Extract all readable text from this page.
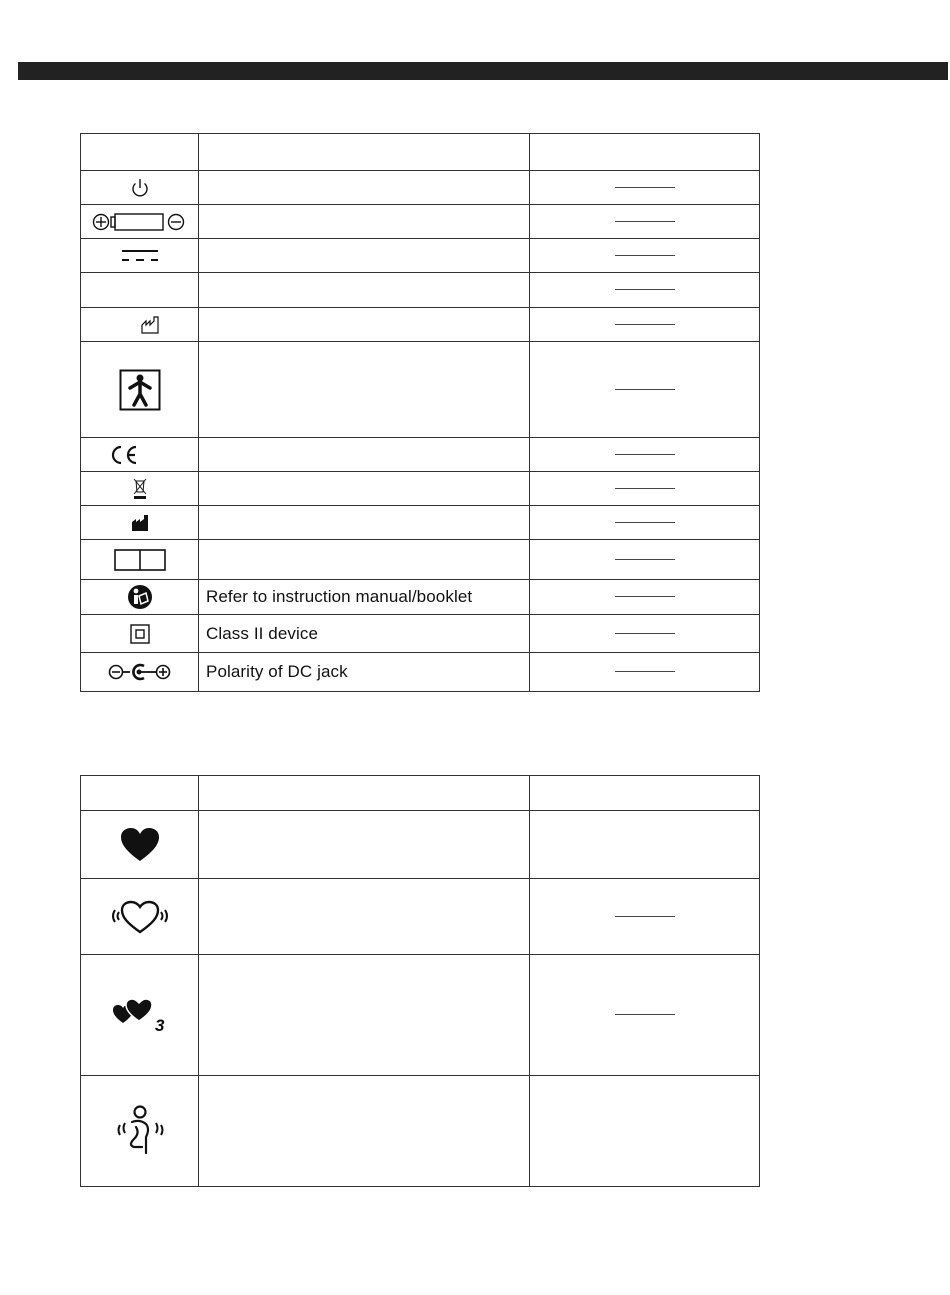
	Refer to instruction manual/booklet	

	Class II device	

	Polarity of DC jack	

3		
